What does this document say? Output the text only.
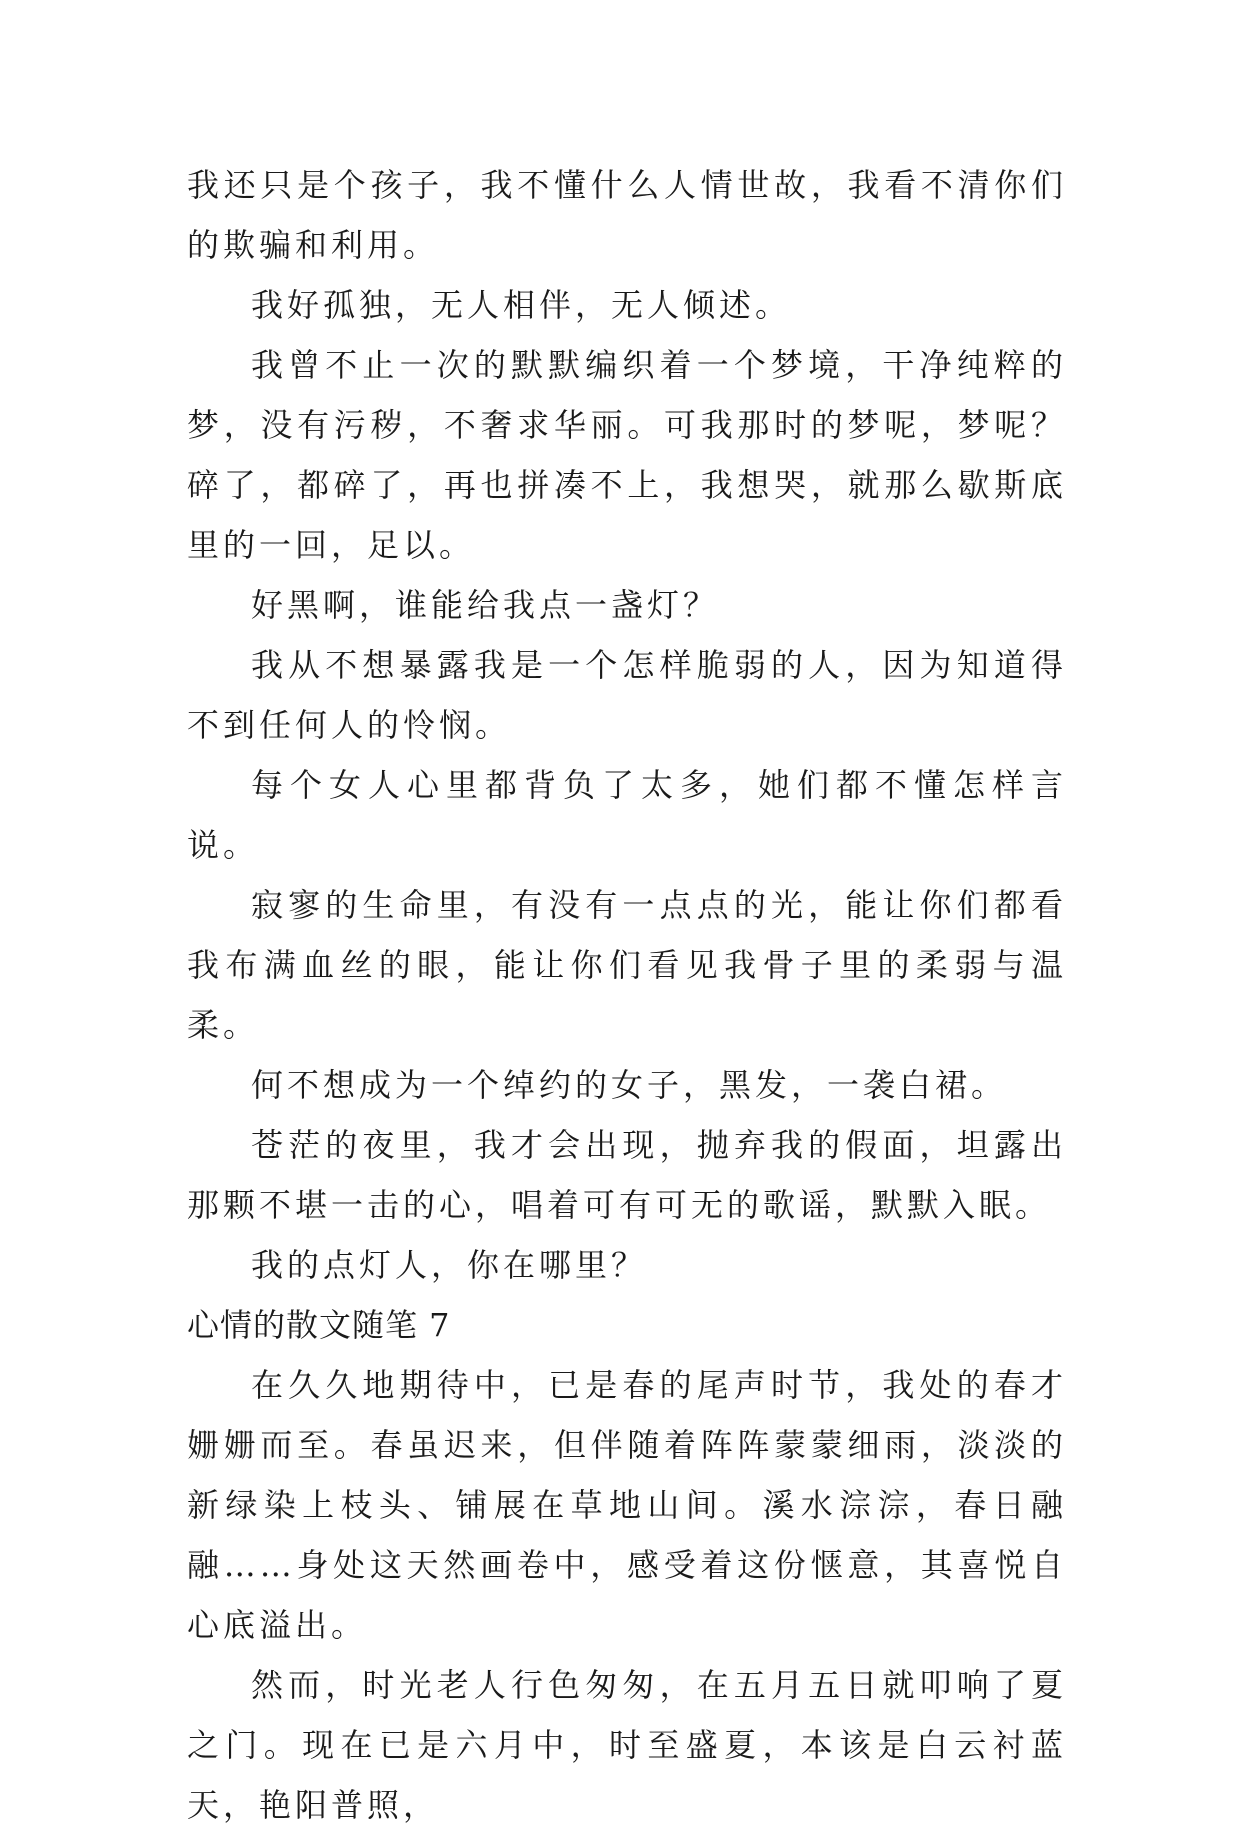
我还只是个孩子，我不懂什么人情世故，我看不清你们的欺骗和利用。

我好孤独，无人相伴，无人倾述。

我曾不止一次的默默编织着一个梦境，干净纯粹的梦，没有污秽，不奢求华丽。可我那时的梦呢，梦呢？碎了，都碎了，再也拼凑不上，我想哭，就那么歇斯底里的一回，足以。

好黑啊，谁能给我点一盏灯？

我从不想暴露我是一个怎样脆弱的人，因为知道得不到任何人的怜悯。

每个女人心里都背负了太多，她们都不懂怎样言说。

寂寥的生命里，有没有一点点的光，能让你们都看我布满血丝的眼，能让你们看见我骨子里的柔弱与温柔。

何不想成为一个绰约的女子，黑发，一袭白裙。

苍茫的夜里，我才会出现，抛弃我的假面，坦露出那颗不堪一击的心，唱着可有可无的歌谣，默默入眠。

我的点灯人，你在哪里？

心情的散文随笔 7

在久久地期待中，已是春的尾声时节，我处的春才姗姗而至。春虽迟来，但伴随着阵阵蒙蒙细雨，淡淡的新绿染上枝头、铺展在草地山间。溪水淙淙，春日融融……身处这天然画卷中，感受着这份惬意，其喜悦自心底溢出。

然而，时光老人行色匆匆，在五月五日就叩响了夏之门。现在已是六月中，时至盛夏，本该是白云衬蓝天，艳阳普照，
